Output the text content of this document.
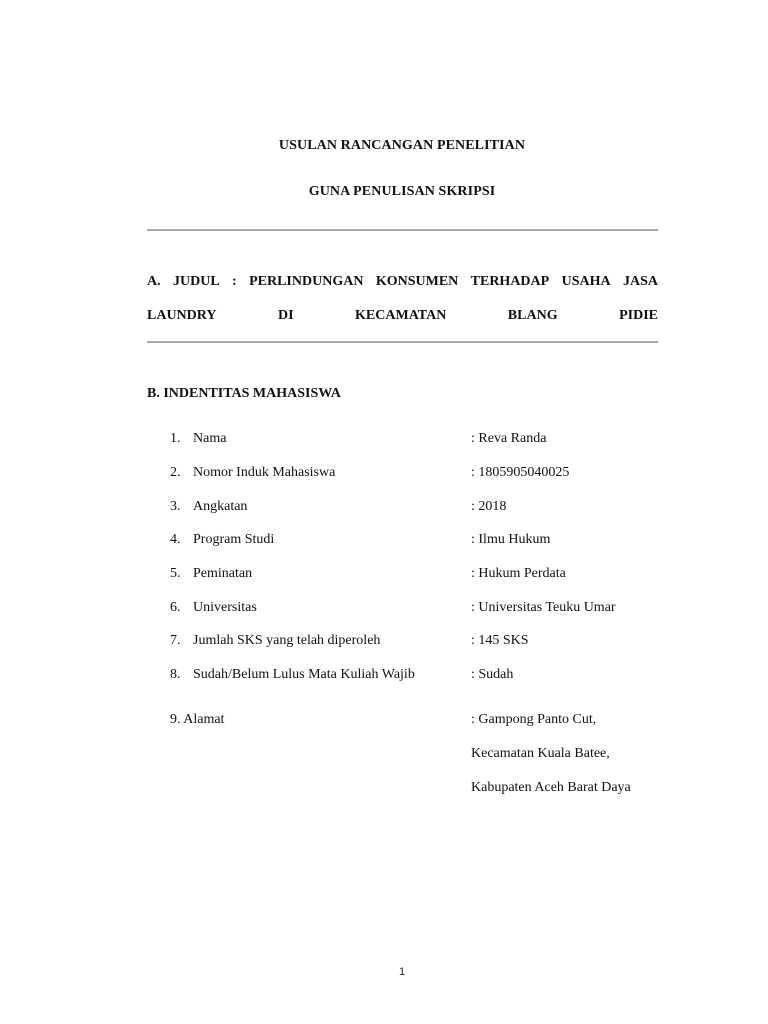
USULAN RANCANGAN PENELITIAN
GUNA PENULISAN SKRIPSI
A. JUDUL : PERLINDUNGAN KONSUMEN TERHADAP USAHA JASA
LAUNDRY	DI	KECAMATAN	BLANG	PIDIE
B. INDENTITAS MAHASISWA
1. Nama	: Reva Randa
2. Nomor Induk Mahasiswa	: 1805905040025
3. Angkatan	: 2018
4. Program Studi	: Ilmu Hukum
5. Peminatan	: Hukum Perdata
6. Universitas	: Universitas Teuku Umar
7. Jumlah SKS yang telah diperoleh	: 145 SKS
8. Sudah/Belum Lulus Mata Kuliah Wajib	: Sudah
9. Alamat	: Gampong Panto Cut,
Kecamatan Kuala Batee,
Kabupaten Aceh Barat Daya
1
